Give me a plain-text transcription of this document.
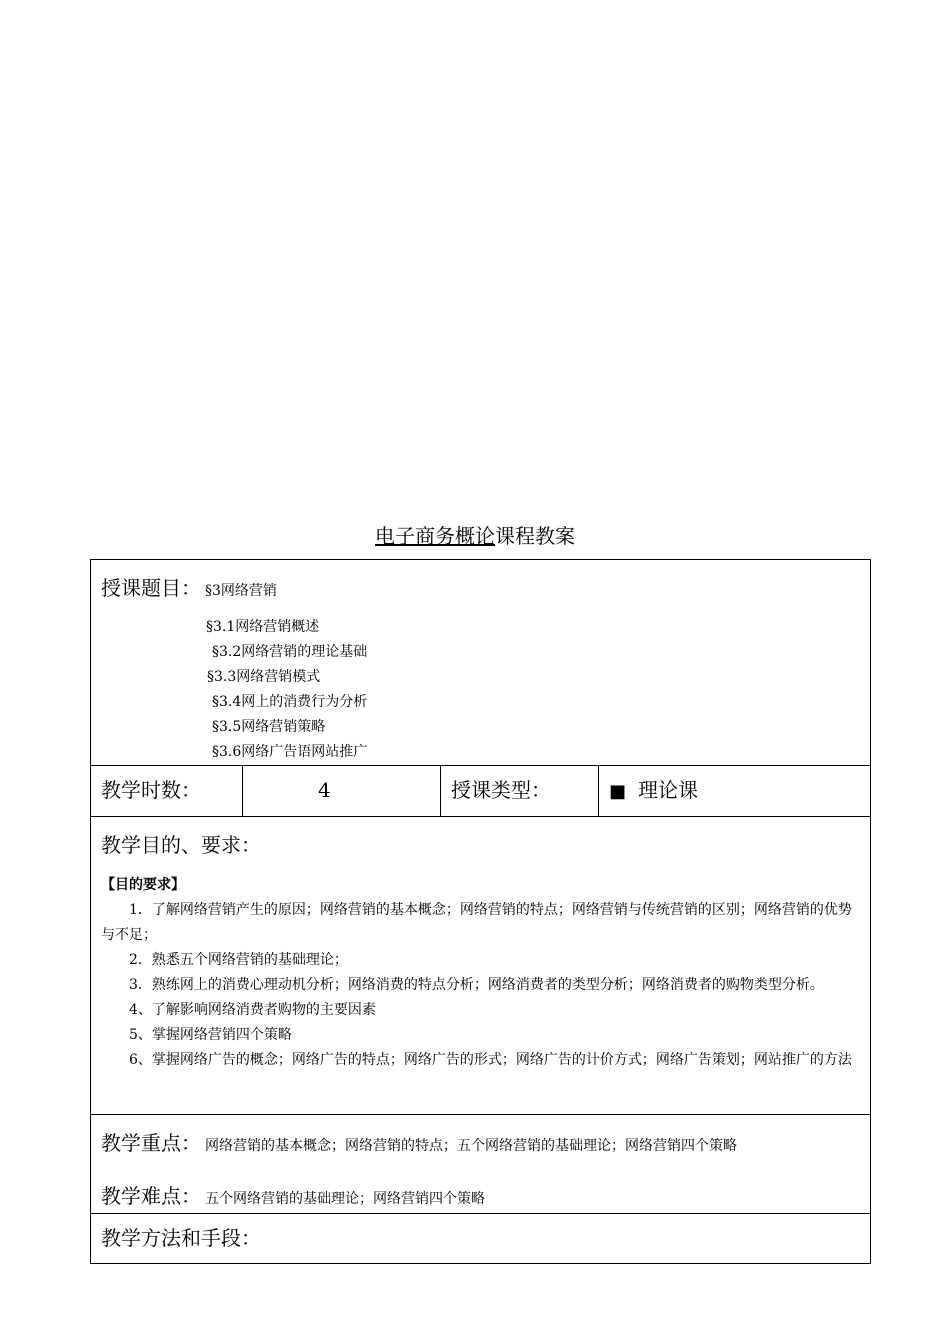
电子商务概论课程教案
授课题目： §3网络营销
§3.1网络营销概述
§3.2网络营销的理论基础
§3.3网络营销模式
§3.4网上的消费行为分析
§3.5网络营销策略
§3.6网络广告语网站推广

教学时数：	4	授课类型：	■ 理论课

教学目的、要求：
【目的要求】

1．了解网络营销产生的原因；网络营销的基本概念；网络营销的特点；网络营销与传统营销的区别；网络营销的优势与不足；

2．熟悉五个网络营销的基础理论；

3．熟练网上的消费心理动机分析；网络消费的特点分析；网络消费者的类型分析；网络消费者的购物类型分析。

4、了解影响网络消费者购物的主要因素

5、掌握网络营销四个策略

6、掌握网络广告的概念；网络广告的特点；网络广告的形式；网络广告的计价方式；网络广告策划；网站推广的方法

教学重点： 网络营销的基本概念；网络营销的特点；五个网络营销的基础理论；网络营销四个策略
教学难点： 五个网络营销的基础理论；网络营销四个策略

教学方法和手段：
